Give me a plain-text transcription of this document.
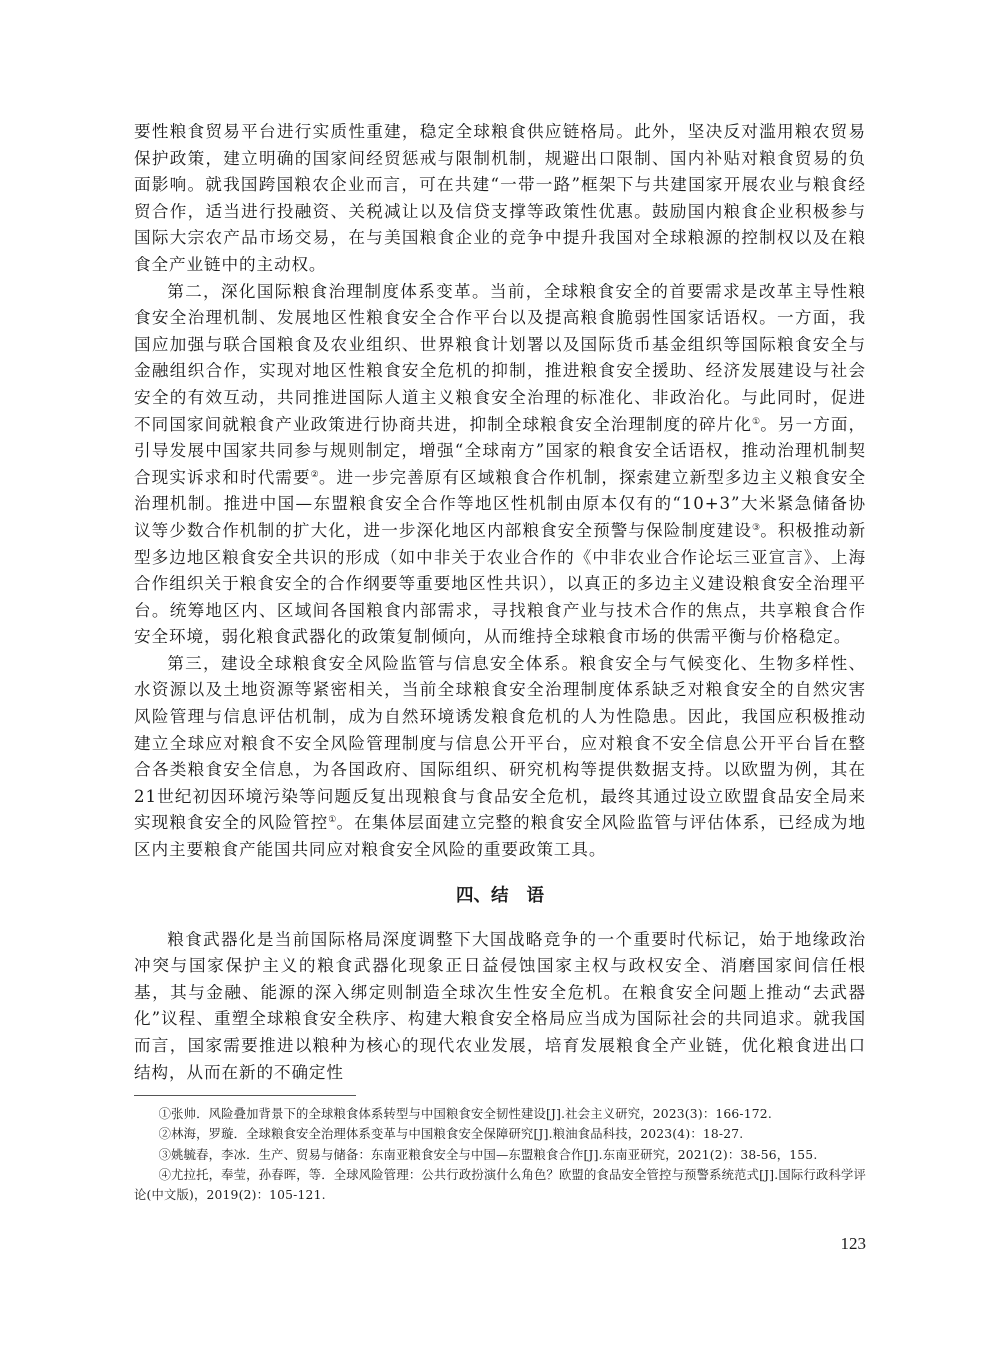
要性粮食贸易平台进行实质性重建，稳定全球粮食供应链格局。此外，坚决反对滥用粮农贸易保护政策，建立明确的国家间经贸惩戒与限制机制，规避出口限制、国内补贴对粮食贸易的负面影响。就我国跨国粮农企业而言，可在共建“一带一路”框架下与共建国家开展农业与粮食经贸合作，适当进行投融资、关税减让以及信贷支撑等政策性优惠。鼓励国内粮食企业积极参与国际大宗农产品市场交易，在与美国粮食企业的竞争中提升我国对全球粮源的控制权以及在粮食全产业链中的主动权。

第二，深化国际粮食治理制度体系变革。当前，全球粮食安全的首要需求是改革主导性粮食安全治理机制、发展地区性粮食安全合作平台以及提高粮食脆弱性国家话语权。一方面，我国应加强与联合国粮食及农业组织、世界粮食计划署以及国际货币基金组织等国际粮食安全与金融组织合作，实现对地区性粮食安全危机的抑制，推进粮食安全援助、经济发展建设与社会安全的有效互动，共同推进国际人道主义粮食安全治理的标准化、非政治化。与此同时，促进不同国家间就粮食产业政策进行协商共进，抑制全球粮食安全治理制度的碎片化①。另一方面，引导发展中国家共同参与规则制定，增强“全球南方”国家的粮食安全话语权，推动治理机制契合现实诉求和时代需要②。进一步完善原有区域粮食合作机制，探索建立新型多边主义粮食安全治理机制。推进中国—东盟粮食安全合作等地区性机制由原本仅有的“10+3”大米紧急储备协议等少数合作机制的扩大化，进一步深化地区内部粮食安全预警与保险制度建设③。积极推动新型多边地区粮食安全共识的形成（如中非关于农业合作的《中非农业合作论坛三亚宣言》、上海合作组织关于粮食安全的合作纲要等重要地区性共识），以真正的多边主义建设粮食安全治理平台。统筹地区内、区域间各国粮食内部需求，寻找粮食产业与技术合作的焦点，共享粮食合作安全环境，弱化粮食武器化的政策复制倾向，从而维持全球粮食市场的供需平衡与价格稳定。

第三，建设全球粮食安全风险监管与信息安全体系。粮食安全与气候变化、生物多样性、水资源以及土地资源等紧密相关，当前全球粮食安全治理制度体系缺乏对粮食安全的自然灾害风险管理与信息评估机制，成为自然环境诱发粮食危机的人为性隐患。因此，我国应积极推动建立全球应对粮食不安全风险管理制度与信息公开平台，应对粮食不安全信息公开平台旨在整合各类粮食安全信息，为各国政府、国际组织、研究机构等提供数据支持。以欧盟为例，其在21世纪初因环境污染等问题反复出现粮食与食品安全危机，最终其通过设立欧盟食品安全局来实现粮食安全的风险管控①。在集体层面建立完整的粮食安全风险监管与评估体系，已经成为地区内主要粮食产能国共同应对粮食安全风险的重要政策工具。

四、结 语

粮食武器化是当前国际格局深度调整下大国战略竞争的一个重要时代标记，始于地缘政治冲突与国家保护主义的粮食武器化现象正日益侵蚀国家主权与政权安全、消磨国家间信任根基，其与金融、能源的深入绑定则制造全球次生性安全危机。在粮食安全问题上推动“去武器化”议程、重塑全球粮食安全秩序、构建大粮食安全格局应当成为国际社会的共同追求。就我国而言，国家需要推进以粮种为核心的现代农业发展，培育发展粮食全产业链，优化粮食进出口结构，从而在新的不确定性

①张帅．风险叠加背景下的全球粮食体系转型与中国粮食安全韧性建设[J].社会主义研究，2023(3)：166-172.

②林海，罗璇．全球粮食安全治理体系变革与中国粮食安全保障研究[J].粮油食品科技，2023(4)：18-27.

③姚毓春，李冰．生产、贸易与储备：东南亚粮食安全与中国—东盟粮食合作[J].东南亚研究，2021(2)：38-56，155.

④尤拉托，奉莹，孙春晖，等．全球风险管理：公共行政扮演什么角色？欧盟的食品安全管控与预警系统范式[J].国际行政科学评论(中文版)，2019(2)：105-121.

123
